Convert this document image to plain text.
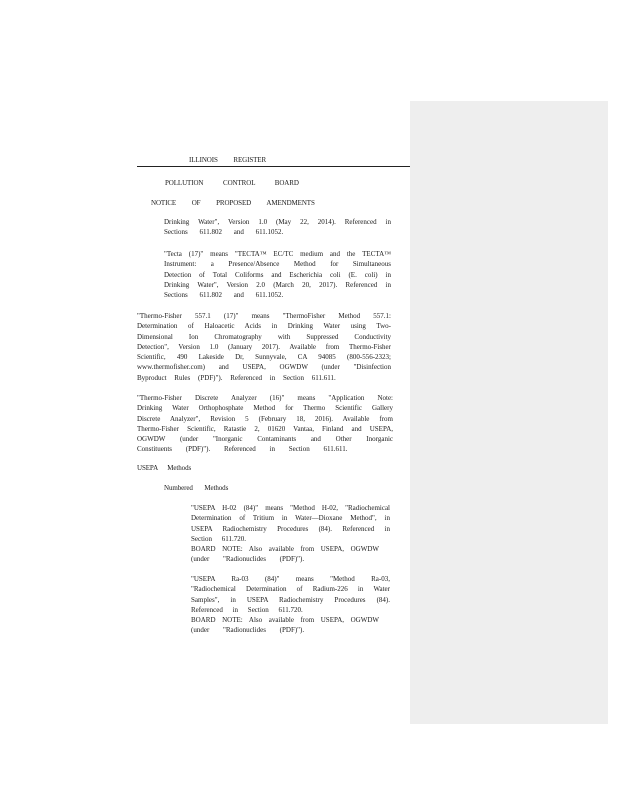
ILLINOIS REGISTER
POLLUTION CONTROL BOARD
NOTICE OF PROPOSED AMENDMENTS
Drinking Water", Version 1.0 (May 22, 2014). Referenced in
Sections 611.802 and 611.1052.
"Tecta (17)" means "TECTA™ EC/TC medium and the TECTA™
Instrument: a Presence/Absence Method for Simultaneous
Detection of Total Coliforms and Escherichia coli (E. coli) in
Drinking Water", Version 2.0 (March 20, 2017). Referenced in
Sections 611.802 and 611.1052.
"Thermo-Fisher 557.1 (17)" means "ThermoFisher Method 557.1:
Determination of Haloacetic Acids in Drinking Water using Two-
Dimensional Ion Chromatography with Suppressed Conductivity
Detection", Version 1.0 (January 2017). Available from Thermo-Fisher
Scientific, 490 Lakeside Dr, Sunnyvale, CA 94085 (800-556-2323;
www.thermofisher.com) and USEPA, OGWDW (under "Disinfection
Byproduct Rules (PDF)"). Referenced in Section 611.611.
"Thermo-Fisher Discrete Analyzer (16)" means "Application Note:
Drinking Water Orthophosphate Method for Thermo Scientific Gallery
Discrete Analyzer", Revision 5 (February 18, 2016). Available from
Thermo-Fisher Scientific, Ratastie 2, 01620 Vantaa, Finland and USEPA,
OGWDW (under "Inorganic Contaminants and Other Inorganic
Constituents (PDF)"). Referenced in Section 611.611.
USEPA Methods
Numbered Methods
"USEPA H-02 (84)" means "Method H-02, "Radiochemical
Determination of Tritium in Water—Dioxane Method", in
USEPA Radiochemistry Procedures (84). Referenced in
Section 611.720.
BOARD NOTE: Also available from USEPA, OGWDW
(under "Radionuclides (PDF)").
"USEPA Ra-03 (84)" means "Method Ra-03,
"Radiochemical Determination of Radium-226 in Water
Samples", in USEPA Radiochemistry Procedures (84).
Referenced in Section 611.720.
BOARD NOTE: Also available from USEPA, OGWDW
(under "Radionuclides (PDF)").
